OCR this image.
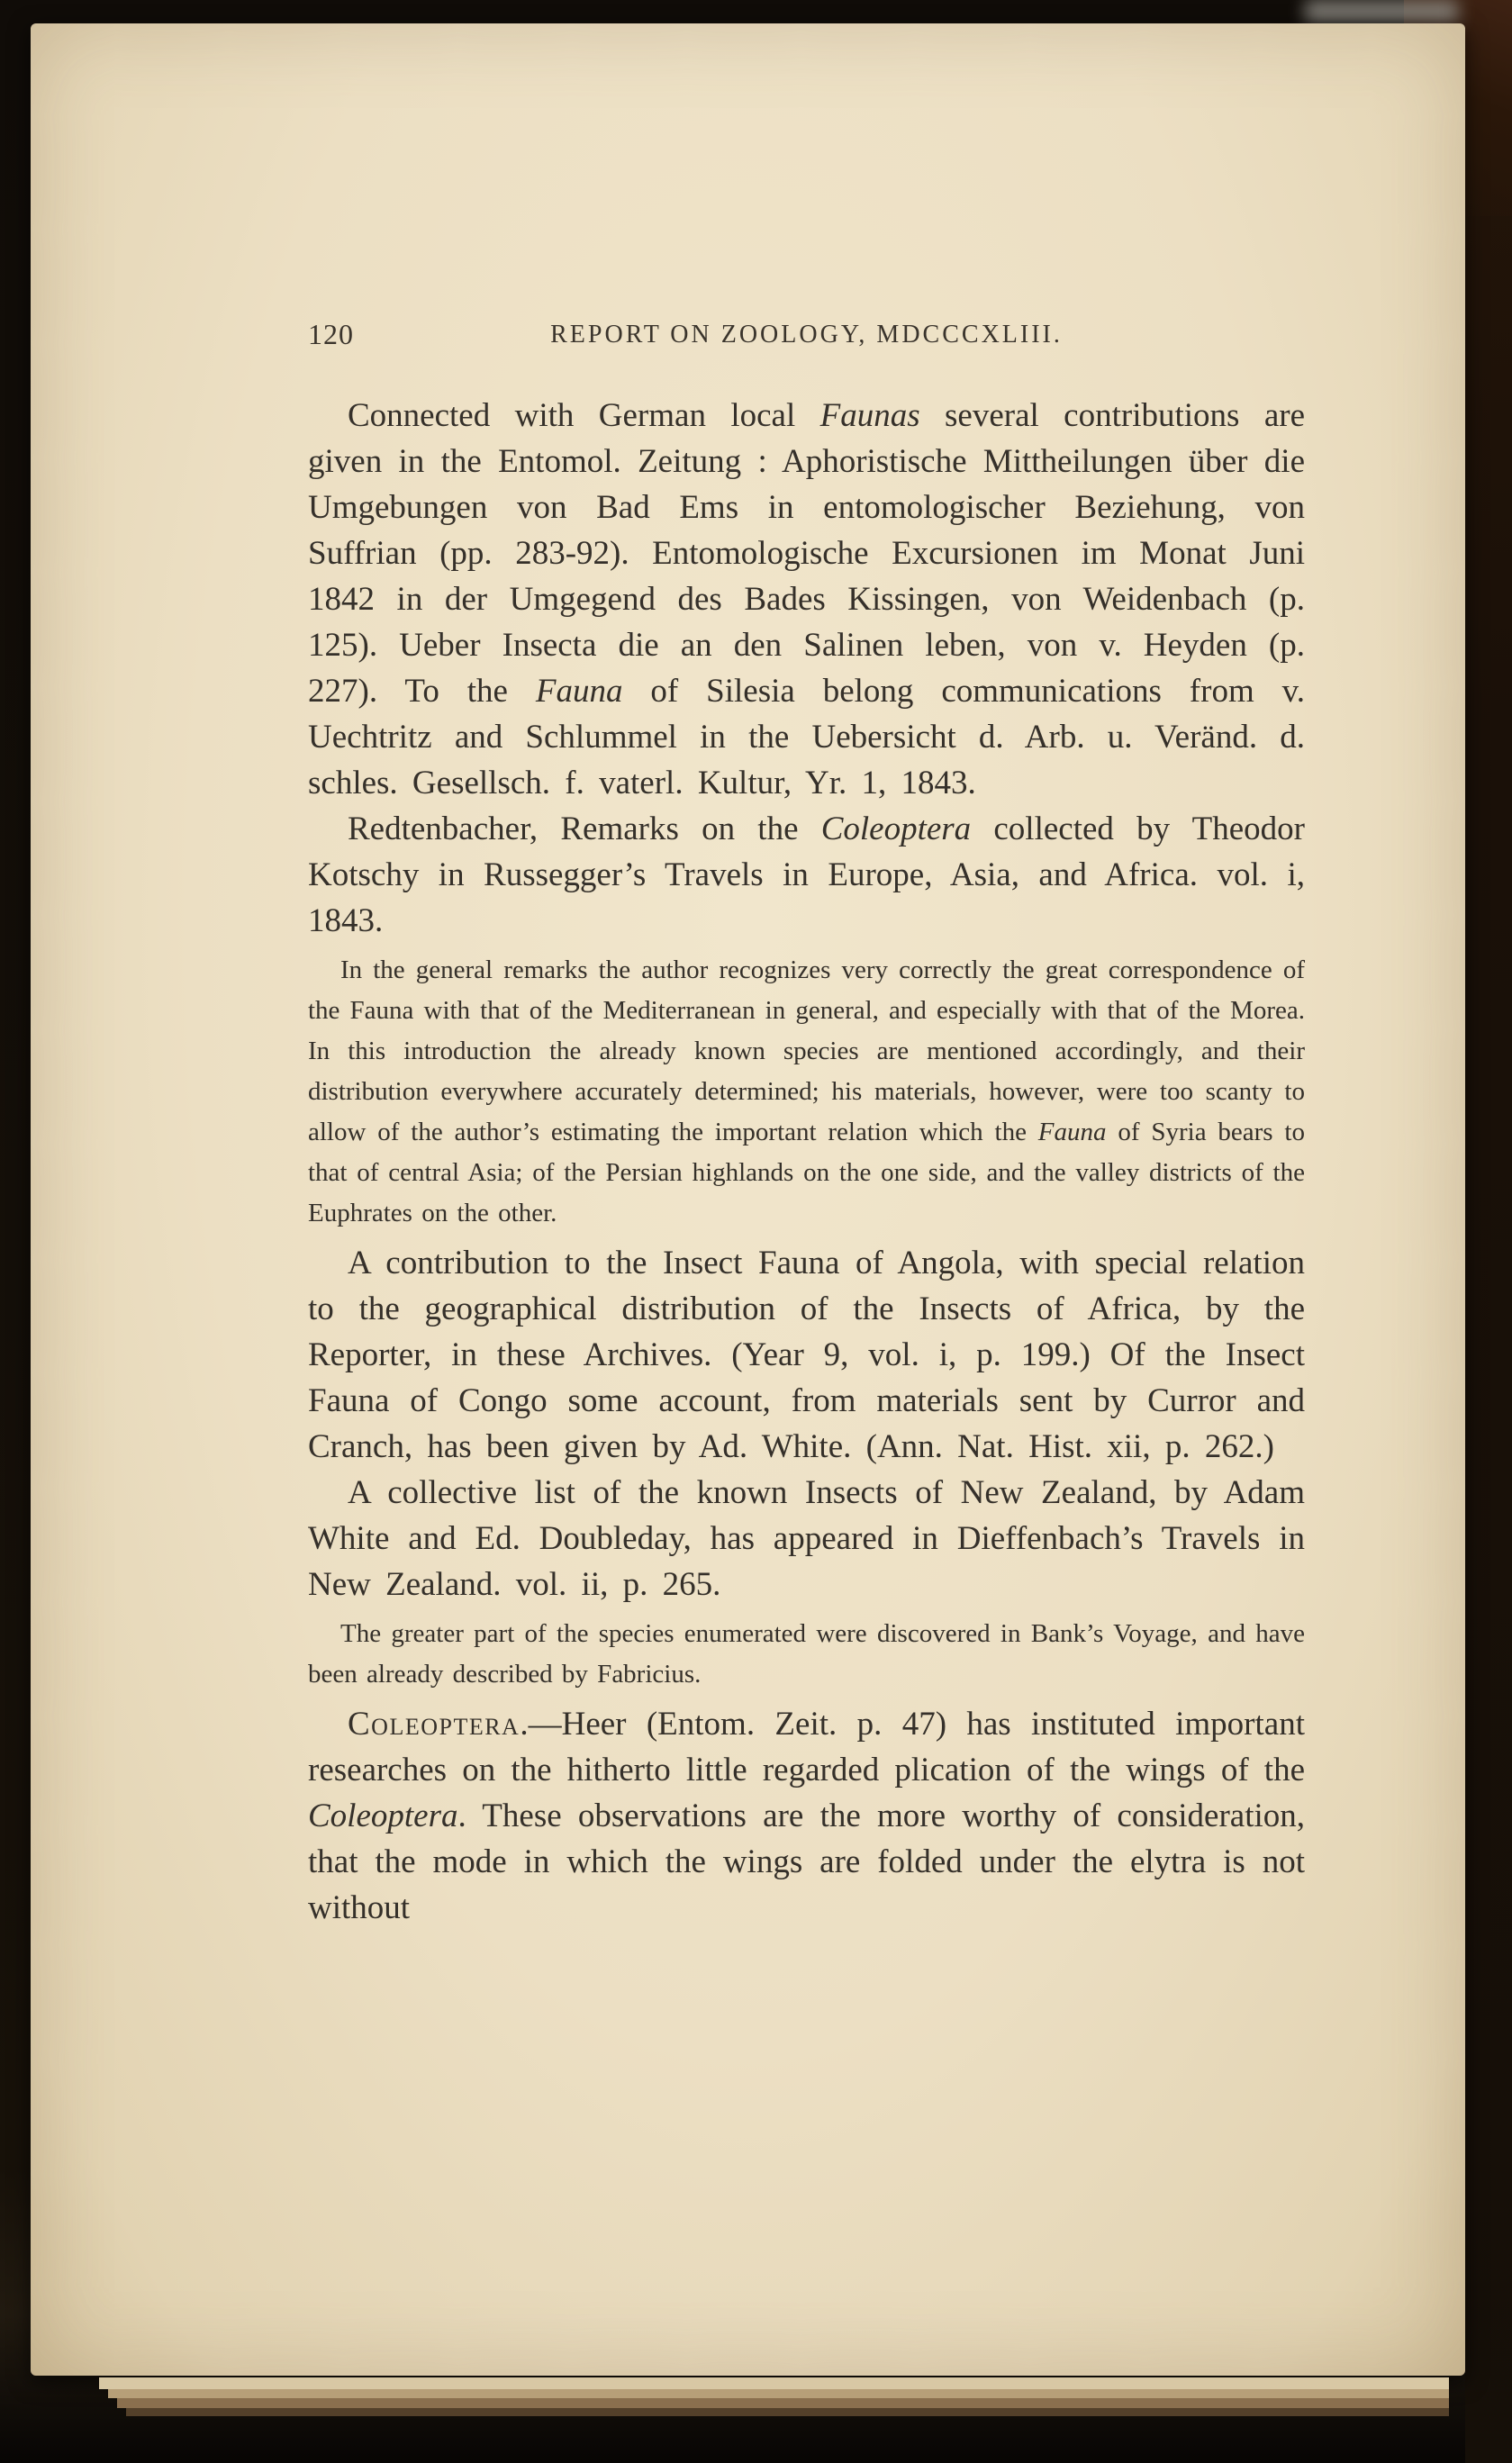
120	REPORT ON ZOOLOGY, MDCCCXLIII.

Connected with German local Faunas several contributions are given in the Entomol. Zeitung : Aphoristische Mittheilungen über die Umgebungen von Bad Ems in entomologischer Beziehung, von Suffrian (pp. 283-92). Entomologische Excursionen im Monat Juni 1842 in der Umgegend des Bades Kissingen, von Weidenbach (p. 125). Ueber Insecta die an den Salinen leben, von v. Heyden (p. 227). To the Fauna of Silesia belong communications from v. Uechtritz and Schlummel in the Uebersicht d. Arb. u. Veränd. d. schles. Gesellsch. f. vaterl. Kultur, Yr. 1, 1843.

Redtenbacher, Remarks on the Coleoptera collected by Theodor Kotschy in Russegger’s Travels in Europe, Asia, and Africa. vol. i, 1843.

In the general remarks the author recognizes very correctly the great correspondence of the Fauna with that of the Mediterranean in general, and especially with that of the Morea. In this introduction the already known species are mentioned accordingly, and their distribution everywhere accurately determined; his materials, however, were too scanty to allow of the author’s estimating the important relation which the Fauna of Syria bears to that of central Asia; of the Persian highlands on the one side, and the valley districts of the Euphrates on the other.

A contribution to the Insect Fauna of Angola, with special relation to the geographical distribution of the Insects of Africa, by the Reporter, in these Archives. (Year 9, vol. i, p. 199.) Of the Insect Fauna of Congo some account, from materials sent by Curror and Cranch, has been given by Ad. White. (Ann. Nat. Hist. xii, p. 262.)

A collective list of the known Insects of New Zealand, by Adam White and Ed. Doubleday, has appeared in Dieffenbach’s Travels in New Zealand. vol. ii, p. 265.

The greater part of the species enumerated were discovered in Bank’s Voyage, and have been already described by Fabricius.

Coleoptera.—Heer (Entom. Zeit. p. 47) has instituted important researches on the hitherto little regarded plication of the wings of the Coleoptera. These observations are the more worthy of consideration, that the mode in which the wings are folded under the elytra is not without
